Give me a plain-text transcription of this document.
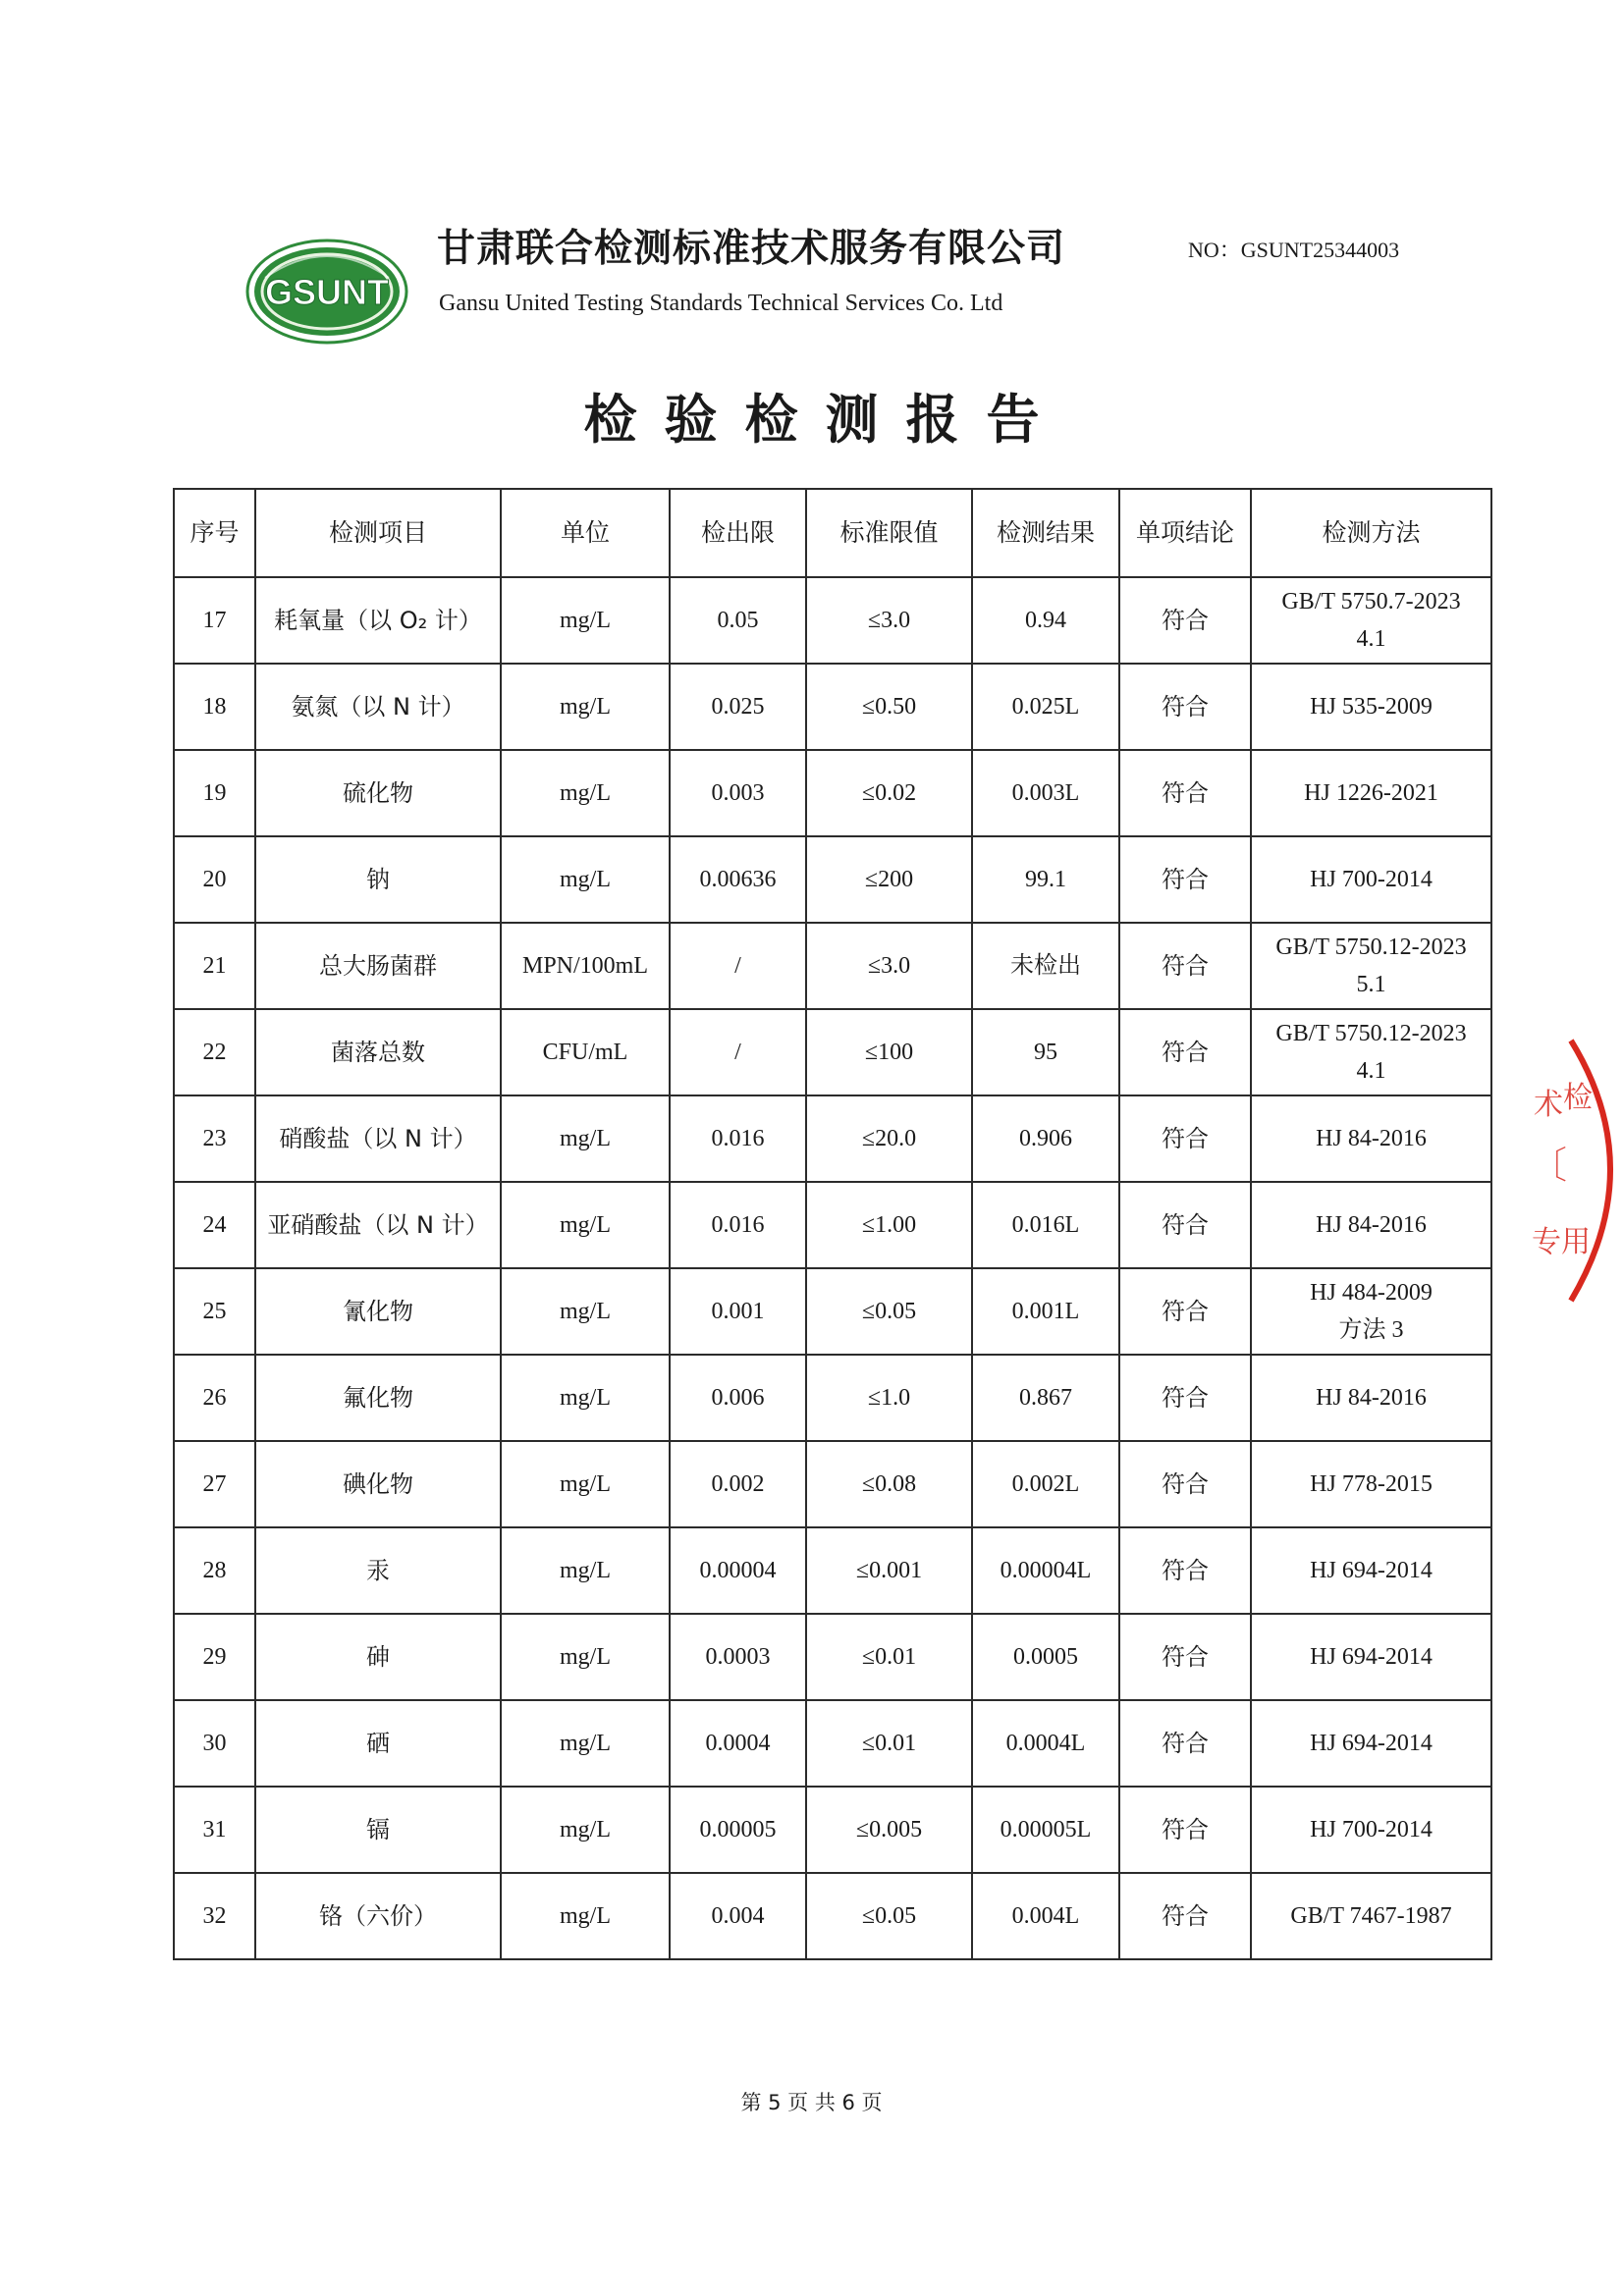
GSUNT
甘肃联合检测标准技术服务有限公司
Gansu United Testing Standards Technical Services Co. Ltd
NO：GSUNT25344003
检验检测报告
序号	检测项目	单位	检出限	标准限值	检测结果	单项结论	检测方法
17	耗氧量（以 O₂ 计）	mg/L	0.05	≤3.0	0.94	符合	GB/T 5750.7-2023
4.1
18	氨氮（以 N 计）	mg/L	0.025	≤0.50	0.025L	符合	HJ 535-2009
19	硫化物	mg/L	0.003	≤0.02	0.003L	符合	HJ 1226-2021
20	钠	mg/L	0.00636	≤200	99.1	符合	HJ 700-2014
21	总大肠菌群	MPN/100mL	/	≤3.0	未检出	符合	GB/T 5750.12-2023
5.1
22	菌落总数	CFU/mL	/	≤100	95	符合	GB/T 5750.12-2023
4.1
23	硝酸盐（以 N 计）	mg/L	0.016	≤20.0	0.906	符合	HJ 84-2016
24	亚硝酸盐（以 N 计）	mg/L	0.016	≤1.00	0.016L	符合	HJ 84-2016
25	氰化物	mg/L	0.001	≤0.05	0.001L	符合	HJ 484-2009
方法 3
26	氟化物	mg/L	0.006	≤1.0	0.867	符合	HJ 84-2016
27	碘化物	mg/L	0.002	≤0.08	0.002L	符合	HJ 778-2015
28	汞	mg/L	0.00004	≤0.001	0.00004L	符合	HJ 694-2014
29	砷	mg/L	0.0003	≤0.01	0.0005	符合	HJ 694-2014
30	硒	mg/L	0.0004	≤0.01	0.0004L	符合	HJ 694-2014
31	镉	mg/L	0.00005	≤0.005	0.00005L	符合	HJ 700-2014
32	铬（六价）	mg/L	0.004	≤0.05	0.004L	符合	GB/T 7467-1987
第 5 页 共 6 页
术 检
〔
专用
